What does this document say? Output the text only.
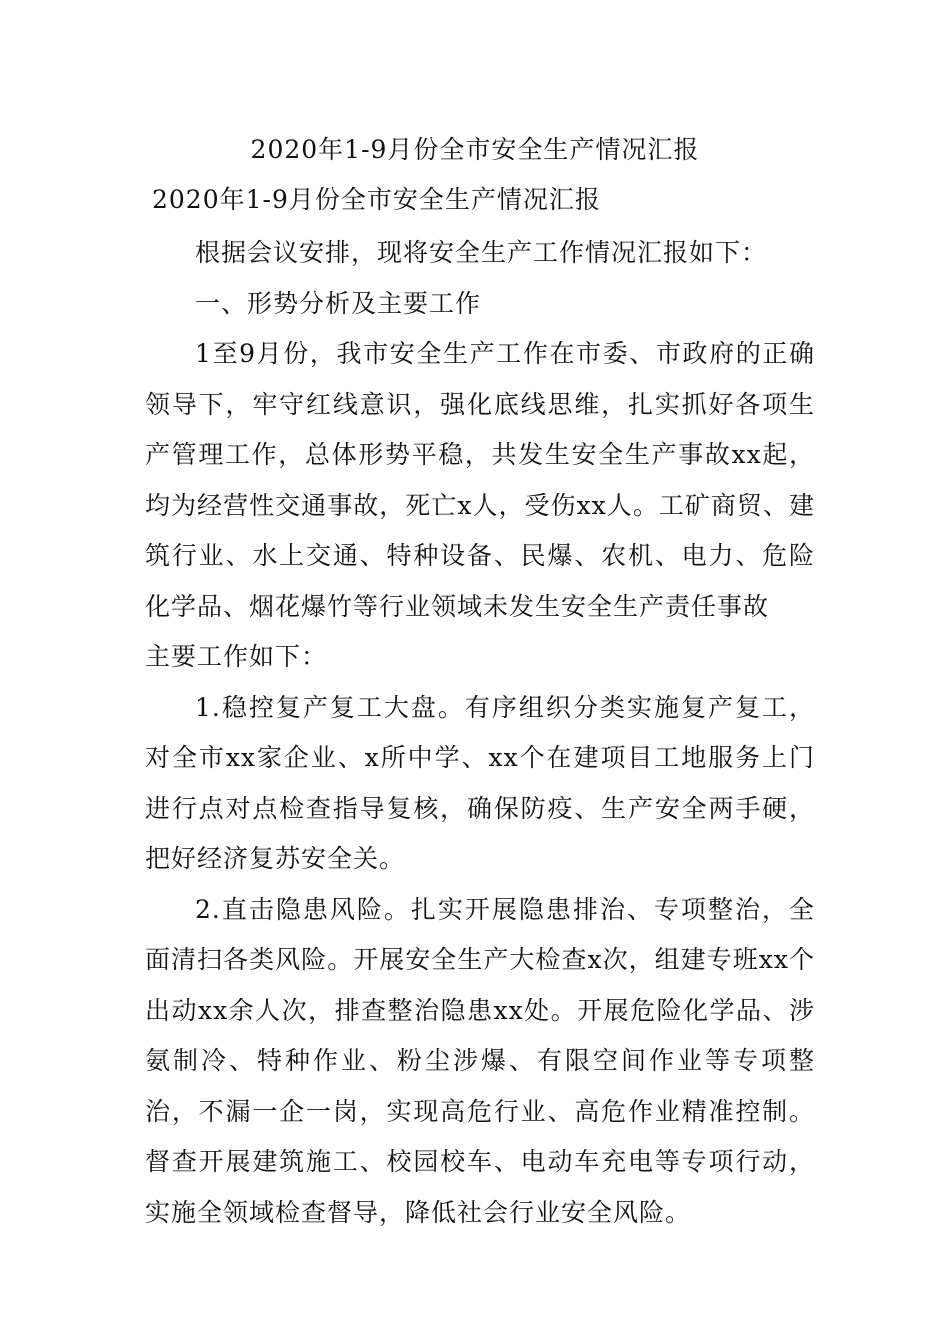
2020年1-9月份全市安全生产情况汇报
2020年1-9月份全市安全生产情况汇报

根据会议安排，现将安全生产工作情况汇报如下：

一、形势分析及主要工作

1至9月份，我市安全生产工作在市委、市政府的正确领导下，牢守红线意识，强化底线思维，扎实抓好各项生产管理工作，总体形势平稳，共发生安全生产事故xx起，均为经营性交通事故，死亡x人，受伤xx人。工矿商贸、建筑行业、水上交通、特种设备、民爆、农机、电力、危险化学品、烟花爆竹等行业领域未发生安全生产责任事故

主要工作如下：

1.稳控复产复工大盘。有序组织分类实施复产复工，对全市xx家企业、x所中学、xx个在建项目工地服务上门进行点对点检查指导复核，确保防疫、生产安全两手硬，把好经济复苏安全关。

2.直击隐患风险。扎实开展隐患排治、专项整治，全面清扫各类风险。开展安全生产大检查x次，组建专班xx个出动xx余人次，排查整治隐患xx处。开展危险化学品、涉氨制冷、特种作业、粉尘涉爆、有限空间作业等专项整治，不漏一企一岗，实现高危行业、高危作业精准控制。督查开展建筑施工、校园校车、电动车充电等专项行动，实施全领域检查督导，降低社会行业安全风险。
